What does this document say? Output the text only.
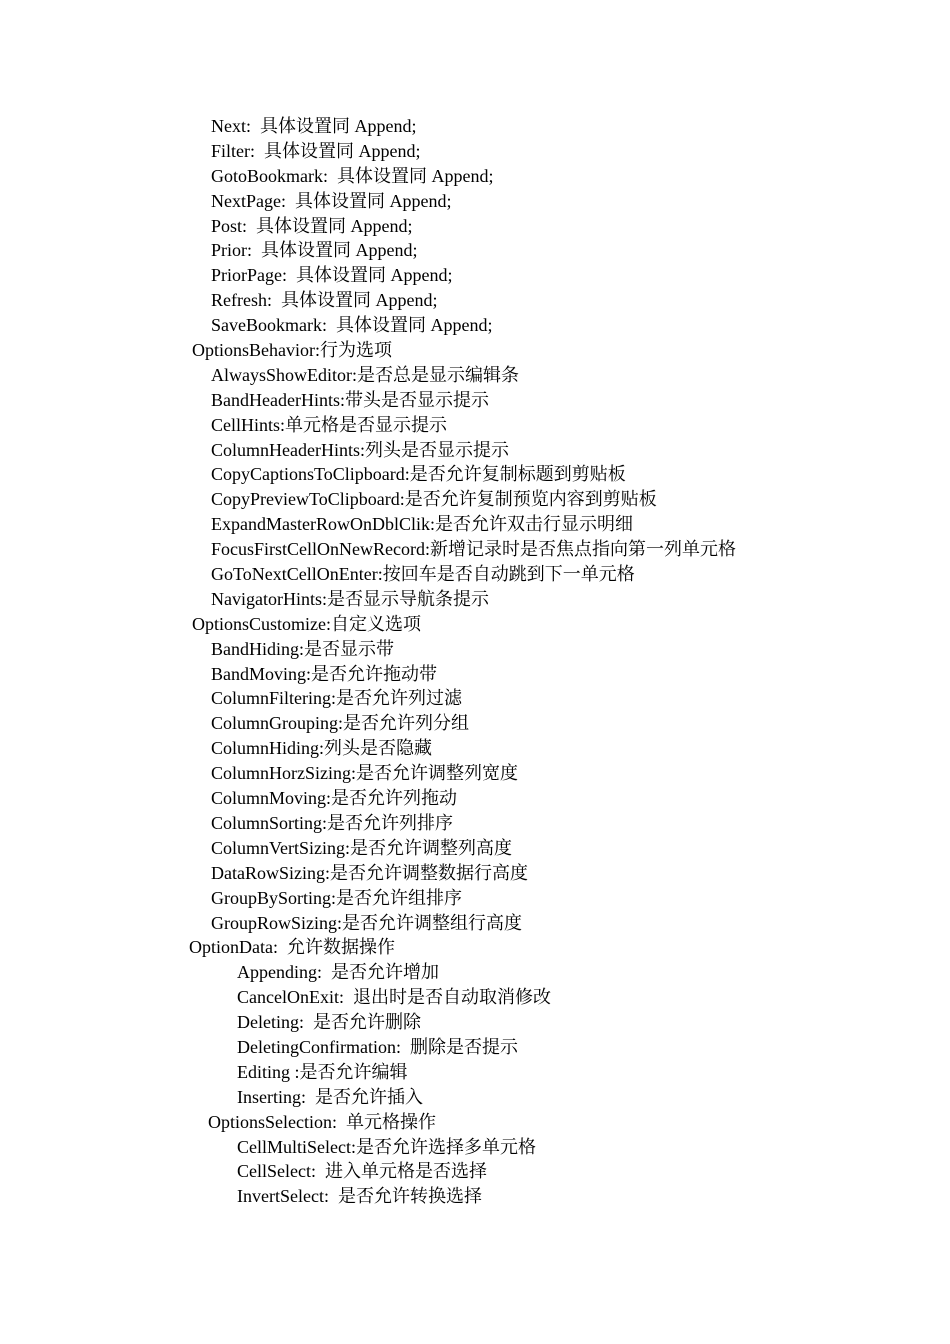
Next:  具体设置同 Append;
Filter:  具体设置同 Append;
GotoBookmark:  具体设置同 Append;
NextPage:  具体设置同 Append;
Post:  具体设置同 Append;
Prior:  具体设置同 Append;
PriorPage:  具体设置同 Append;
Refresh:  具体设置同 Append;
SaveBookmark:  具体设置同 Append;
OptionsBehavior:行为选项
AlwaysShowEditor:是否总是显示编辑条
BandHeaderHints:带头是否显示提示
CellHints:单元格是否显示提示
ColumnHeaderHints:列头是否显示提示
CopyCaptionsToClipboard:是否允许复制标题到剪贴板
CopyPreviewToClipboard:是否允许复制预览内容到剪贴板
ExpandMasterRowOnDblClik:是否允许双击行显示明细
FocusFirstCellOnNewRecord:新增记录时是否焦点指向第一列单元格
GoToNextCellOnEnter:按回车是否自动跳到下一单元格
NavigatorHints:是否显示导航条提示
OptionsCustomize:自定义选项
BandHiding:是否显示带
BandMoving:是否允许拖动带
ColumnFiltering:是否允许列过滤
ColumnGrouping:是否允许列分组
ColumnHiding:列头是否隐藏
ColumnHorzSizing:是否允许调整列宽度
ColumnMoving:是否允许列拖动
ColumnSorting:是否允许列排序
ColumnVertSizing:是否允许调整列高度
DataRowSizing:是否允许调整数据行高度
GroupBySorting:是否允许组排序
GroupRowSizing:是否允许调整组行高度
OptionData:  允许数据操作
Appending:  是否允许增加
CancelOnExit:  退出时是否自动取消修改
Deleting:  是否允许删除
DeletingConfirmation:  删除是否提示
Editing :是否允许编辑
Inserting:  是否允许插入
OptionsSelection:  单元格操作
CellMultiSelect:是否允许选择多单元格
CellSelect:  进入单元格是否选择
InvertSelect:  是否允许转换选择
